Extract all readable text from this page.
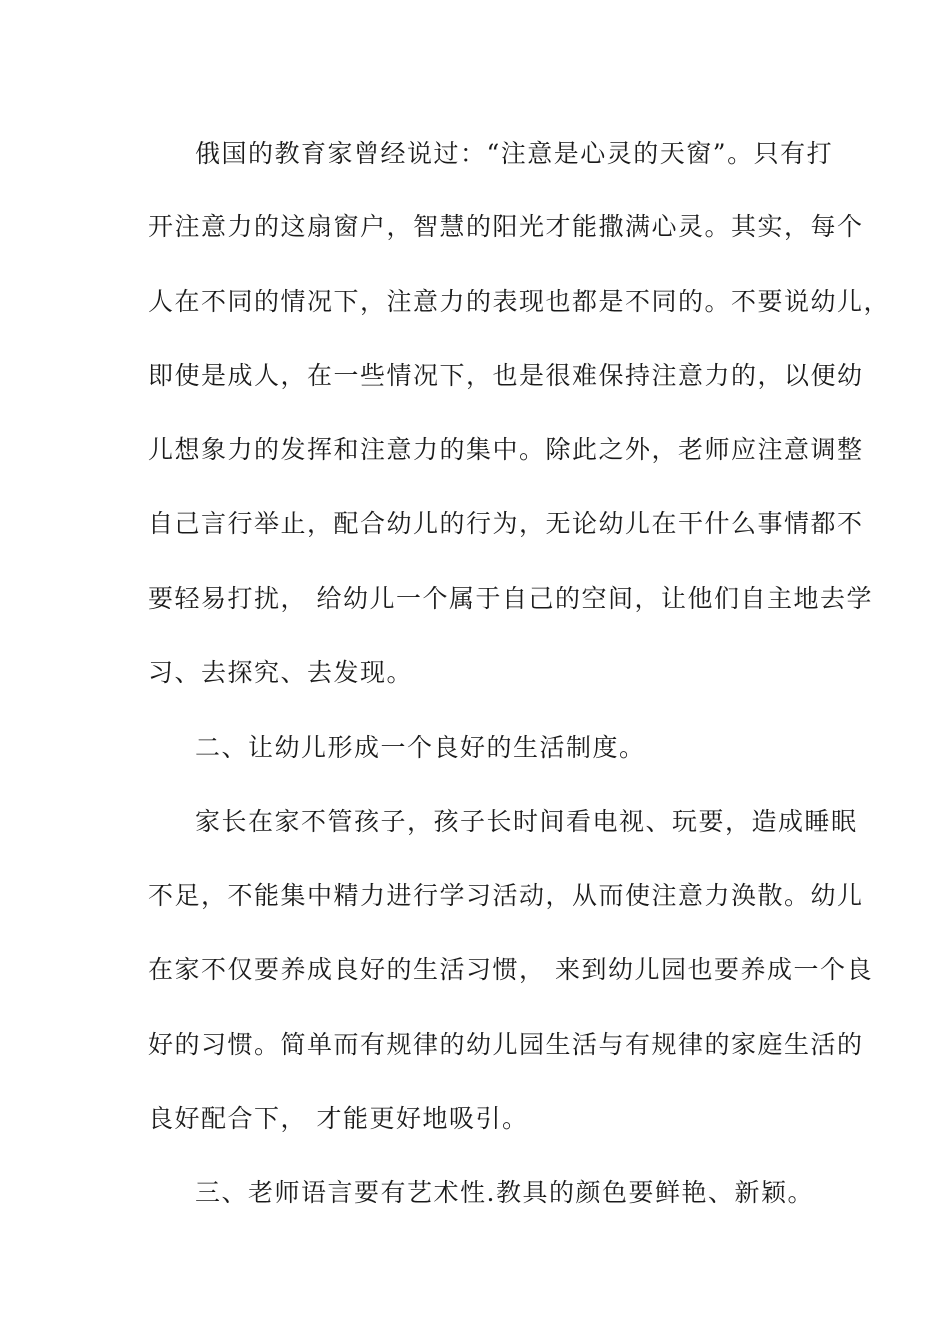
俄国的教育家曾经说过：“注意是心灵的天窗”。只有打
开注意力的这扇窗户，智慧的阳光才能撒满心灵。其实，每个
人在不同的情况下，注意力的表现也都是不同的。不要说幼儿，
即使是成人，在一些情况下，也是很难保持注意力的，以便幼
儿想象力的发挥和注意力的集中。除此之外，老师应注意调整
自己言行举止，配合幼儿的行为，无论幼儿在干什么事情都不
要轻易打扰， 给幼儿一个属于自己的空间，让他们自主地去学
习、去探究、去发现。
二、让幼儿形成一个良好的生活制度。
家长在家不管孩子，孩子长时间看电视、玩要，造成睡眠
不足，不能集中精力进行学习活动，从而使注意力涣散。幼儿
在家不仅要养成良好的生活习惯， 来到幼儿园也要养成一个良
好的习惯。简单而有规律的幼儿园生活与有规律的家庭生活的
良好配合下， 才能更好地吸引。
三、老师语言要有艺术性.教具的颜色要鲜艳、新颖。
